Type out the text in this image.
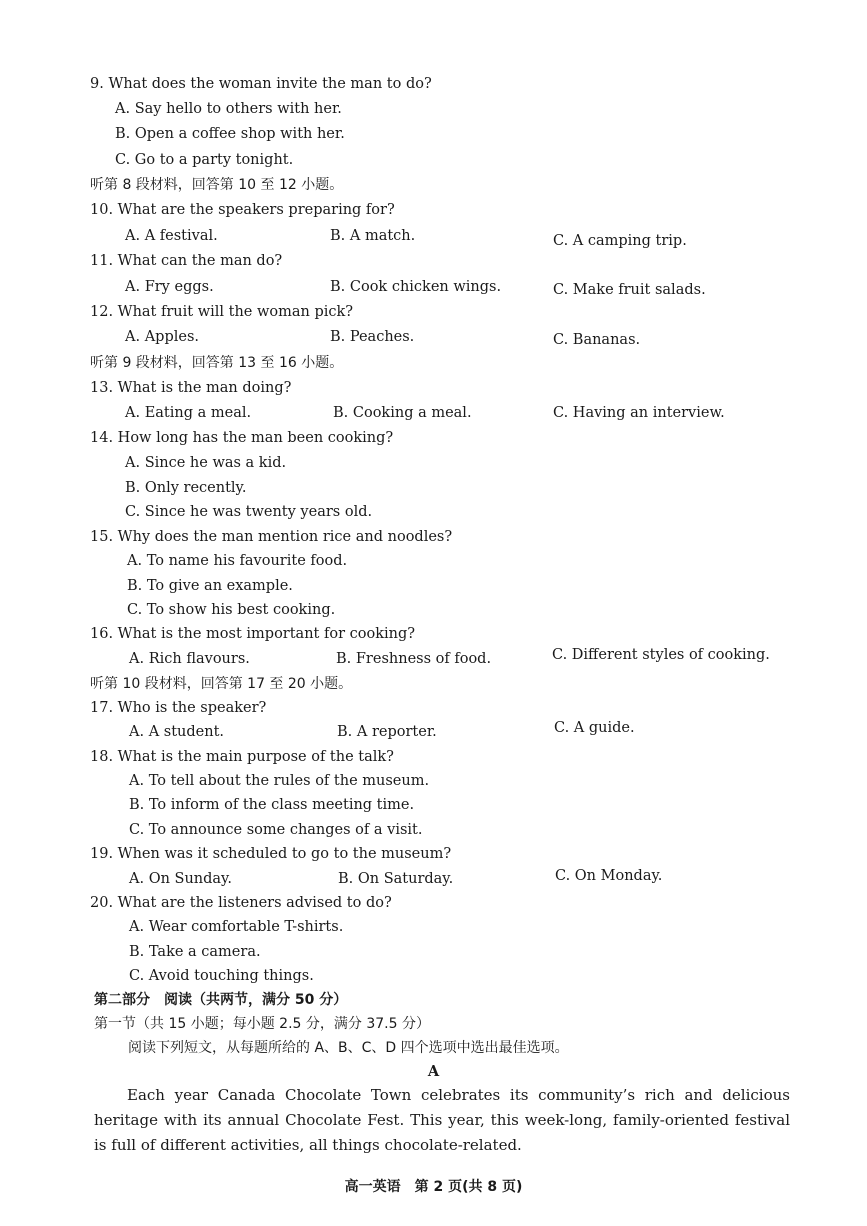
9. What does the woman invite the man to do?
A. Say hello to others with her.
B. Open a coffee shop with her.
C. Go to a party tonight.
听第 8 段材料，回答第 10 至 12 小题。
10. What are the speakers preparing for?
A. A festival.	B. A match.	C. A camping trip.
11. What can the man do?
A. Fry eggs.	B. Cook chicken wings.	C. Make fruit salads.
12. What fruit will the woman pick?
A. Apples.	B. Peaches.	C. Bananas.
听第 9 段材料，回答第 13 至 16 小题。
13. What is the man doing?
A. Eating a meal.	B. Cooking a meal.	C. Having an interview.
14. How long has the man been cooking?
A. Since he was a kid.
B. Only recently.
C. Since he was twenty years old.
15. Why does the man mention rice and noodles?
A. To name his favourite food.
B. To give an example.
C. To show his best cooking.
16. What is the most important for cooking?
A. Rich flavours.	B. Freshness of food.	C. Different styles of cooking.
听第 10 段材料，回答第 17 至 20 小题。
17. Who is the speaker?
A. A student.	B. A reporter.	C. A guide.
18. What is the main purpose of the talk?
A. To tell about the rules of the museum.
B. To inform of the class meeting time.
C. To announce some changes of a visit.
19. When was it scheduled to go to the museum?
A. On Sunday.	B. On Saturday.	C. On Monday.
20. What are the listeners advised to do?
A. Wear comfortable T-shirts.
B. Take a camera.
C. Avoid touching things.
第二部分　阅读（共两节，满分 50 分）
第一节（共 15 小题；每小题 2.5 分，满分 37.5 分）
阅读下列短文，从每题所给的 A、B、C、D 四个选项中选出最佳选项。
A

Each year Canada Chocolate Town celebrates its community’s rich and delicious heritage with its annual Chocolate Fest. This year, this week-long, family-oriented festival is full of different activities, all things chocolate-related.

高一英语　第 2 页(共 8 页)
